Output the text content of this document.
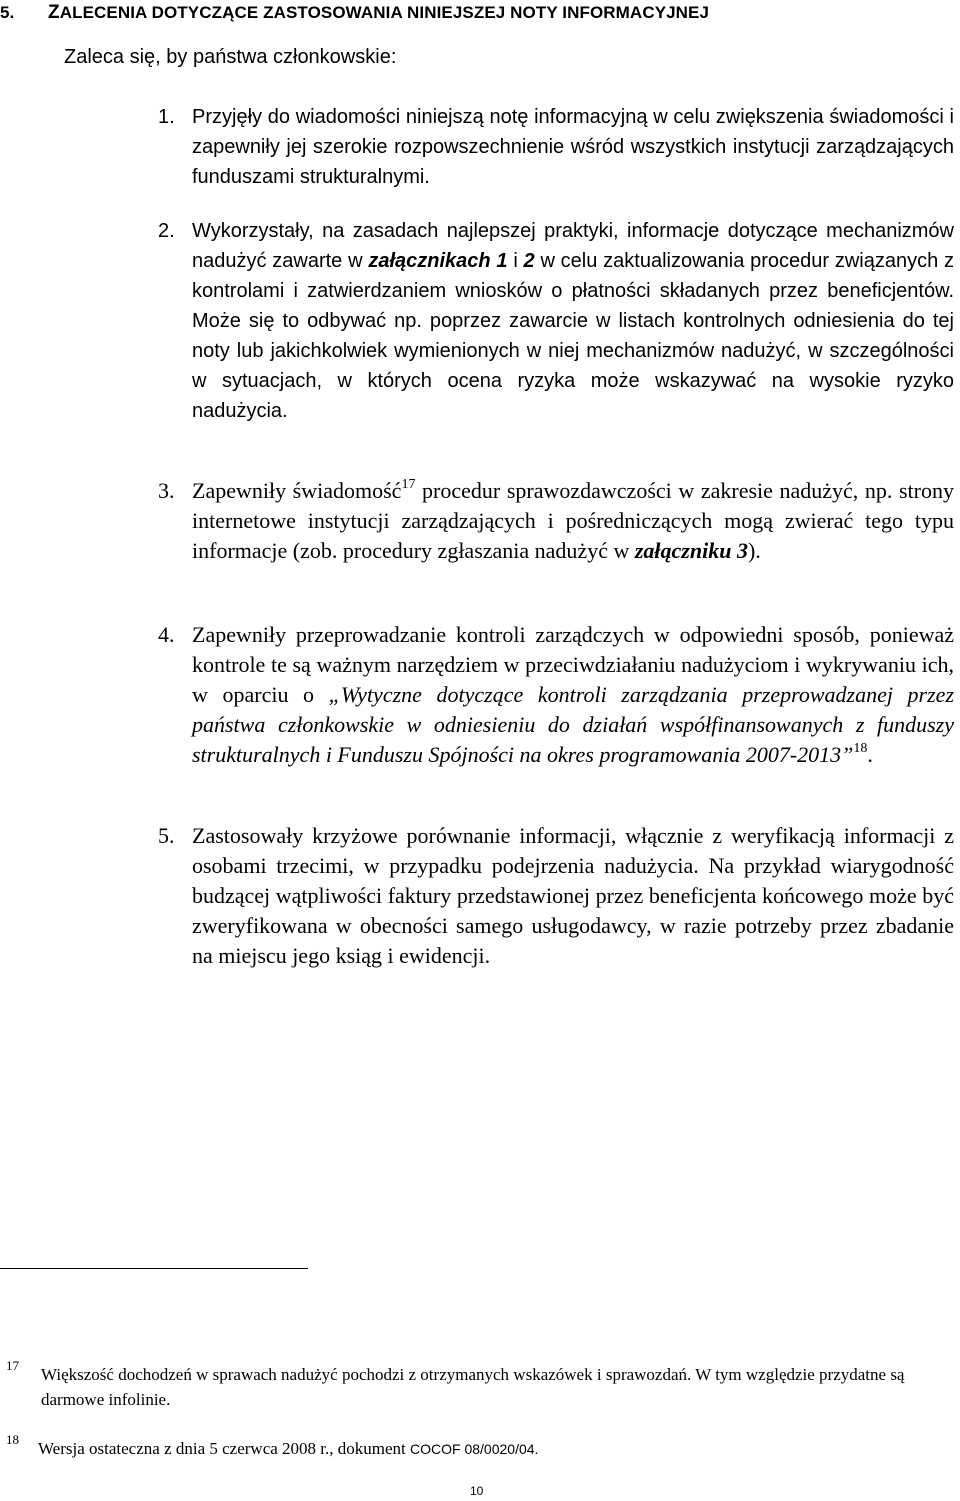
5. ZALECENIA DOTYCZĄCE ZASTOSOWANIA NINIEJSZEJ NOTY INFORMACYJNEJ
Zaleca się, by państwa członkowskie:
1. Przyjęły do wiadomości niniejszą notę informacyjną w celu zwiększenia świadomości i zapewniły jej szerokie rozpowszechnienie wśród wszystkich instytucji zarządzających funduszami strukturalnymi.
2. Wykorzystały, na zasadach najlepszej praktyki, informacje dotyczące mechanizmów nadużyć zawarte w załącznikach 1 i 2 w celu zaktualizowania procedur związanych z kontrolami i zatwierdzaniem wniosków o płatności składanych przez beneficjentów. Może się to odbywać np. poprzez zawarcie w listach kontrolnych odniesienia do tej noty lub jakichkolwiek wymienionych w niej mechanizmów nadużyć, w szczególności w sytuacjach, w których ocena ryzyka może wskazywać na wysokie ryzyko nadużycia.
3. Zapewniły świadomość$^{17}$ procedur sprawozdawczości w zakresie nadużyć, np. strony internetowe instytucji zarządzających i pośredniczących mogą zwierać tego typu informacje (zob. procedury zgłaszania nadużyć w załączniku 3).
4. Zapewniły przeprowadzanie kontroli zarządczych w odpowiedni sposób, ponieważ kontrole te są ważnym narzędziem w przeciwdziałaniu nadużyciom i wykrywaniu ich, w oparciu o „Wytyczne dotyczące kontroli zarządzania przeprowadzanej przez państwa członkowskie w odniesieniu do działań współfinansowanych z funduszy strukturalnych i Funduszu Spójności na okres programowania 2007-2013”$^{18}$.
5. Zastosowały krzyżowe porównanie informacji, włącznie z weryfikacją informacji z osobami trzecimi, w przypadku podejrzenia nadużycia. Na przykład wiarygodność budzącej wątpliwości faktury przedstawionej przez beneficjenta końcowego może być zweryfikowana w obecności samego usługodawcy, w razie potrzeby przez zbadanie na miejscu jego ksiąg i ewidencji.
17 Większość dochodzeń w sprawach nadużyć pochodzi z otrzymanych wskazówek i sprawozdań. W tym względzie przydatne są darmowe infolinie.
18 Wersja ostateczna z dnia 5 czerwca 2008 r., dokument COCOF 08/0020/04.
10
